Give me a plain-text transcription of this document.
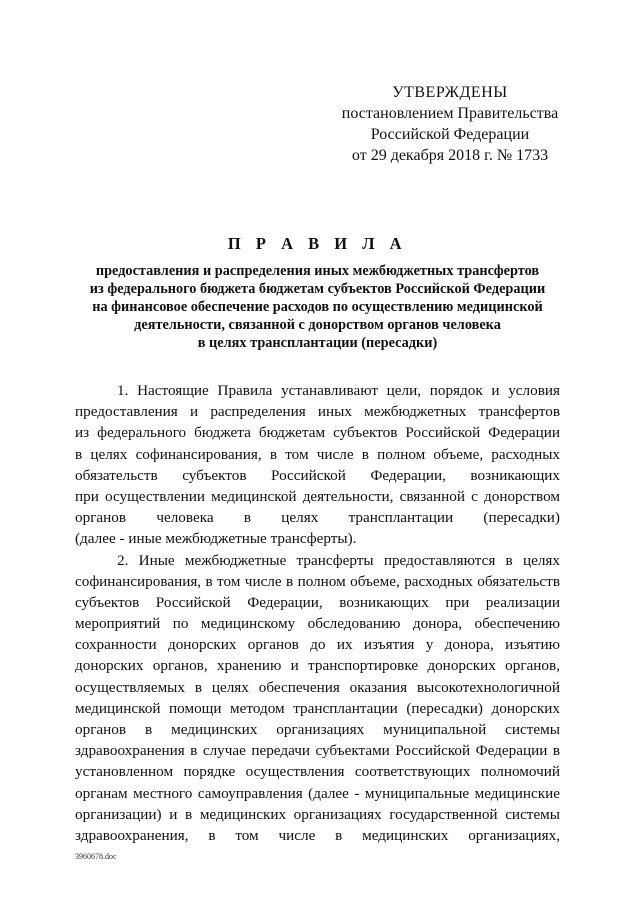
УТВЕРЖДЕНЫ
постановлением Правительства
Российской Федерации
от 29 декабря 2018 г. № 1733
П Р А В И Л А
предоставления и распределения иных межбюджетных трансфертов
из федерального бюджета бюджетам субъектов Российской Федерации
на финансовое обеспечение расходов по осуществлению медицинской
деятельности, связанной с донорством органов человека
в целях трансплантации (пересадки)
1. Настоящие Правила устанавливают цели, порядок и условия
предоставления и распределения иных межбюджетных трансфертов
из федерального бюджета бюджетам субъектов Российской Федерации
в целях софинансирования, в том числе в полном объеме, расходных
обязательств субъектов Российской Федерации, возникающих
при осуществлении медицинской деятельности, связанной с донорством
органов человека в целях трансплантации (пересадки)
(далее - иные межбюджетные трансферты).
2. Иные межбюджетные трансферты предоставляются в целях
софинансирования, в том числе в полном объеме, расходных обязательств
субъектов Российской Федерации, возникающих при реализации
мероприятий по медицинскому обследованию донора, обеспечению
сохранности донорских органов до их изъятия у донора, изъятию
донорских органов, хранению и транспортировке донорских органов,
осуществляемых в целях обеспечения оказания высокотехнологичной
медицинской помощи методом трансплантации (пересадки) донорских
органов в медицинских организациях муниципальной системы
здравоохранения в случае передачи субъектами Российской Федерации в
установленном порядке осуществления соответствующих полномочий
органам местного самоуправления (далее - муниципальные медицинские
организации) и в медицинских организациях государственной системы
здравоохранения, в том числе в медицинских организациях,
3960678.doc
